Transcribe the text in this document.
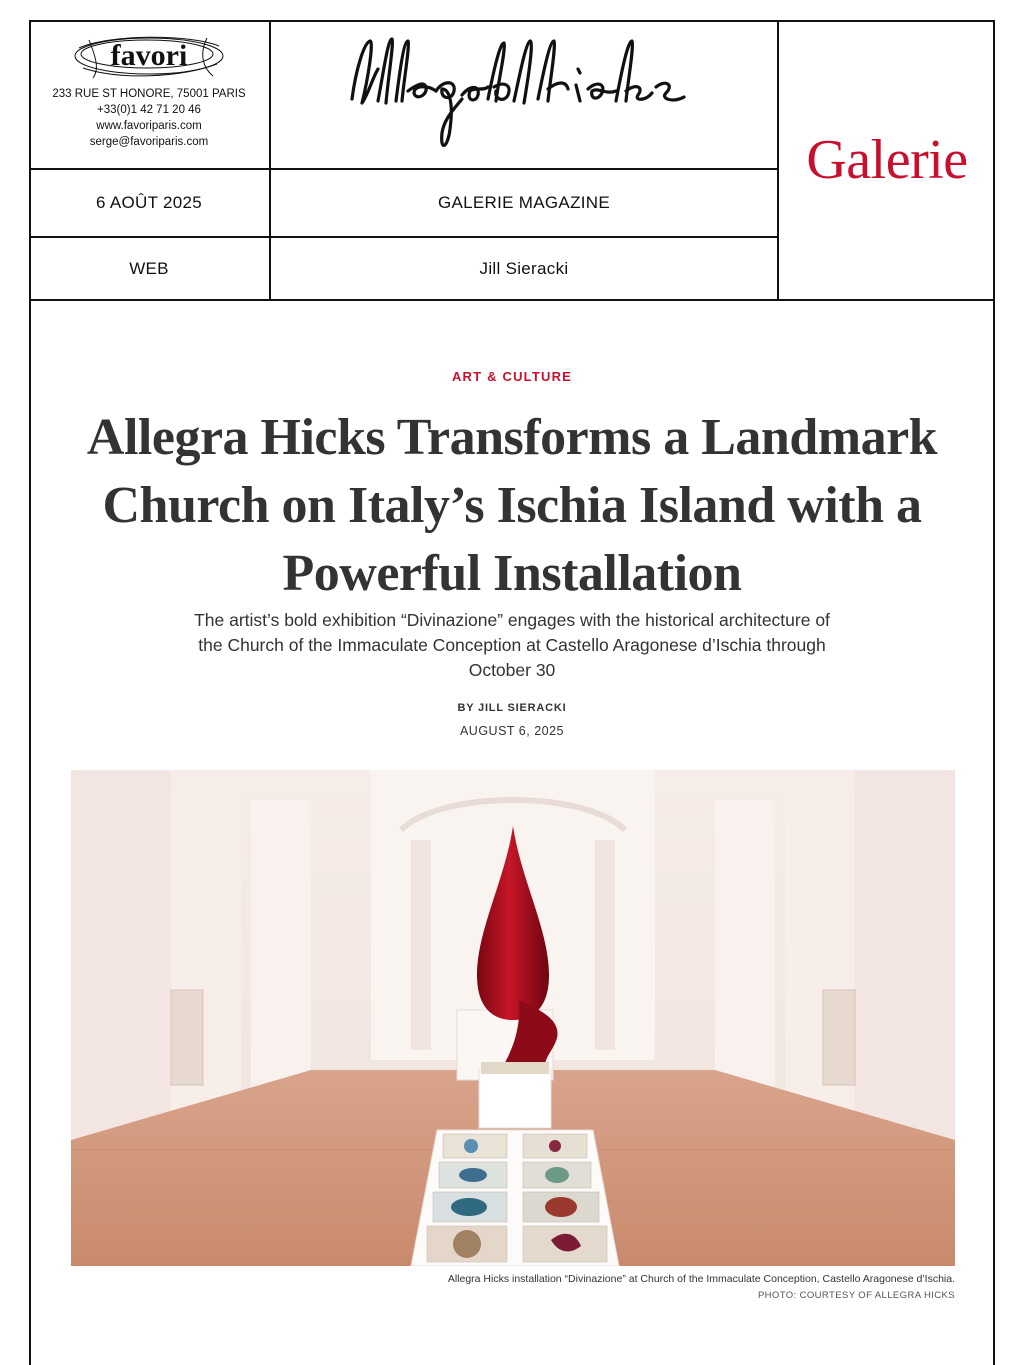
favori
233 RUE ST HONORE, 75001 PARIS
+33(0)1 42 71 20 46
www.favoriparis.com
serge@favoriparis.com	Galerie
6 AOÛT 2025	GALERIE MAGAZINE
WEB	Jill Sieracki
ART & CULTURE
Allegra Hicks Transforms a Landmark
Church on Italy’s Ischia Island with a
Powerful Installation
The artist’s bold exhibition “Divinazione” engages with the historical architecture of
the Church of the Immaculate Conception at Castello Aragonese d’Ischia through
October 30
BY JILL SIERACKI
AUGUST 6, 2025
Allegra Hicks installation “Divinazione” at Church of the Immaculate Conception, Castello Aragonese d’Ischia.
PHOTO: COURTESY OF ALLEGRA HICKS
